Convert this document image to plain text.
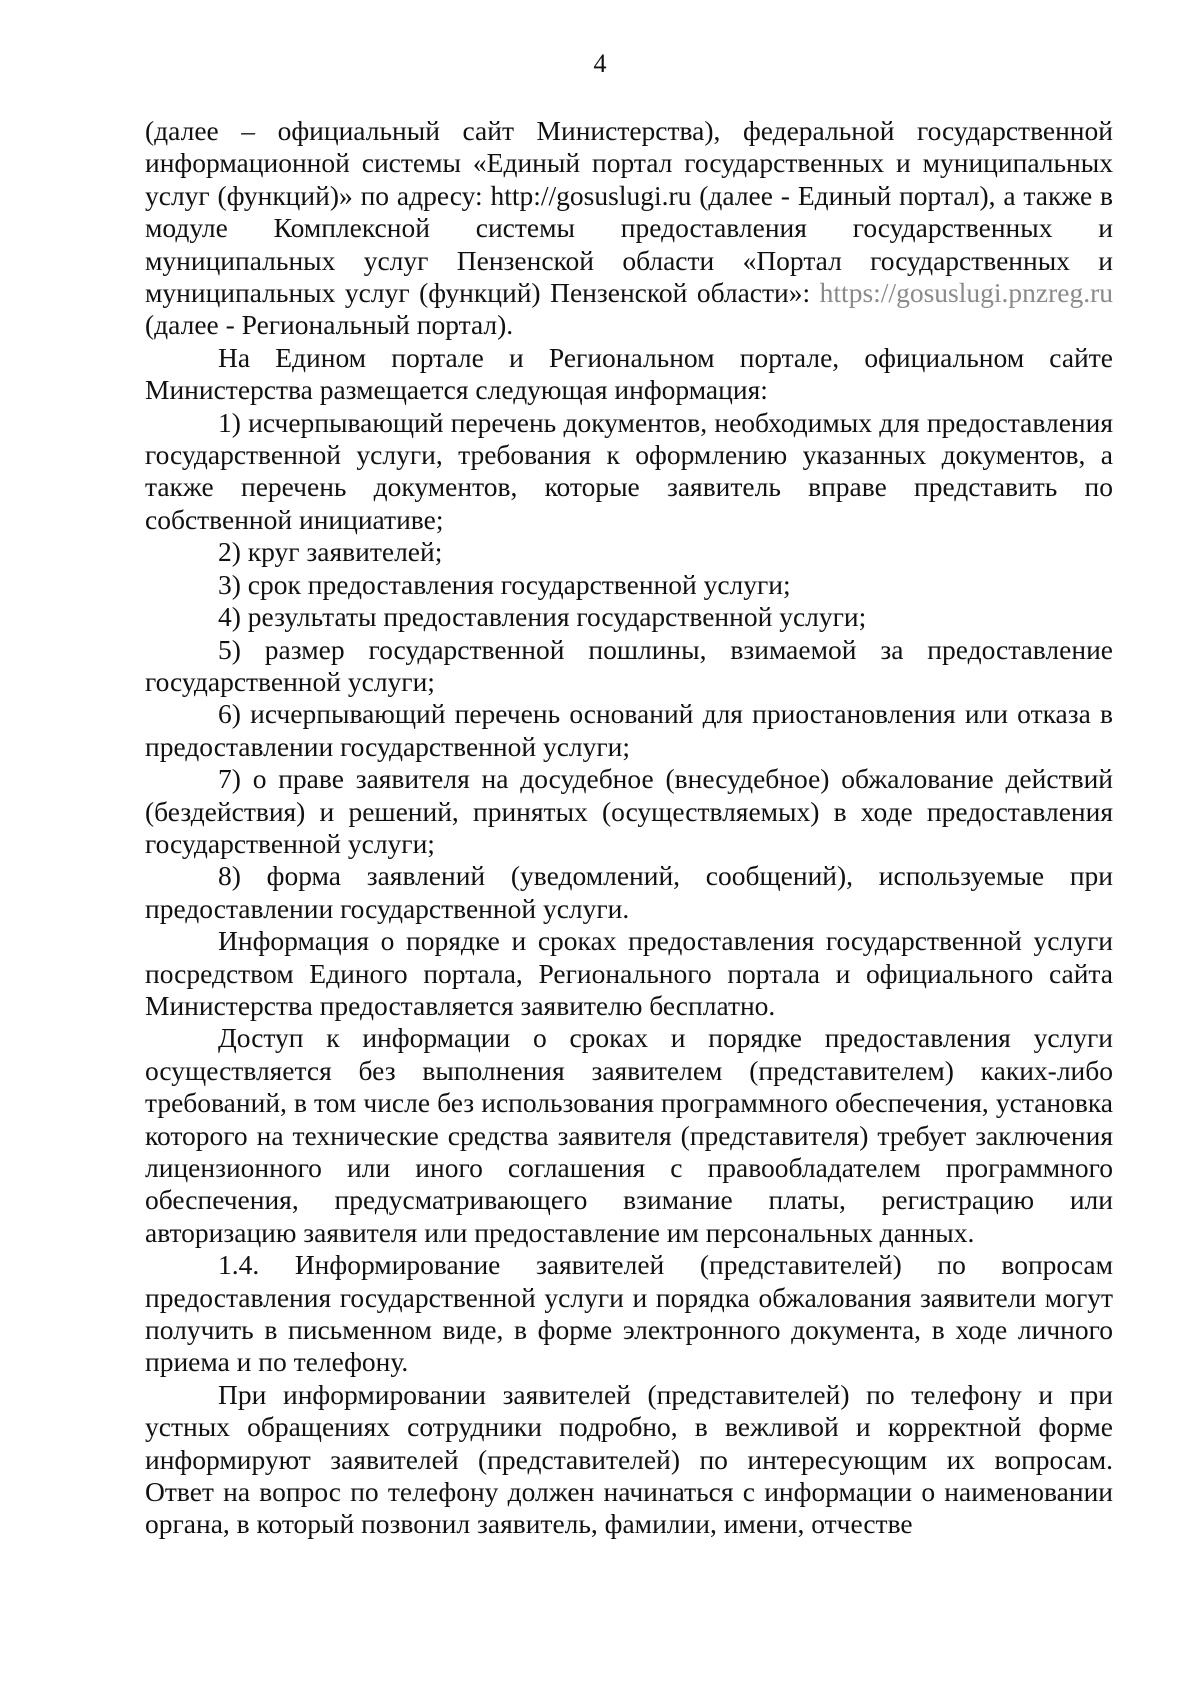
4

(далее – официальный сайт Министерства), федеральной государственной информационной системы «Единый портал государственных и муниципальных услуг (функций)» по адресу: http://gosuslugi.ru (далее - Единый портал), а также в модуле Комплексной системы предоставления государственных и муниципальных услуг Пензенской области «Портал государственных и муниципальных услуг (функций) Пензенской области»: https://gosuslugi.pnzreg.ru (далее - Региональный портал).

На Едином портале и Региональном портале, официальном сайте Министерства размещается следующая информация:

1) исчерпывающий перечень документов, необходимых для предоставления государственной услуги, требования к оформлению указанных документов, а также перечень документов, которые заявитель вправе представить по собственной инициативе;

2) круг заявителей;

3) срок предоставления государственной услуги;

4) результаты предоставления государственной услуги;

5) размер государственной пошлины, взимаемой за предоставление государственной услуги;

6) исчерпывающий перечень оснований для приостановления или отказа в предоставлении государственной услуги;

7) о праве заявителя на досудебное (внесудебное) обжалование действий (бездействия) и решений, принятых (осуществляемых) в ходе предоставления государственной услуги;

8) форма заявлений (уведомлений, сообщений), используемые при предоставлении государственной услуги.

Информация о порядке и сроках предоставления государственной услуги посредством Единого портала, Регионального портала и официального сайта Министерства предоставляется заявителю бесплатно.

Доступ к информации о сроках и порядке предоставления услуги осуществляется без выполнения заявителем (представителем) каких-либо требований, в том числе без использования программного обеспечения, установка которого на технические средства заявителя (представителя) требует заключения лицензионного или иного соглашения с правообладателем программного обеспечения, предусматривающего взимание платы, регистрацию или авторизацию заявителя или предоставление им персональных данных.

1.4. Информирование заявителей (представителей) по вопросам предоставления государственной услуги и порядка обжалования заявители могут получить в письменном виде, в форме электронного документа, в ходе личного приема и по телефону.

При информировании заявителей (представителей) по телефону и при устных обращениях сотрудники подробно, в вежливой и корректной форме информируют заявителей (представителей) по интересующим их вопросам. Ответ на вопрос по телефону должен начинаться с информации о наименовании органа, в который позвонил заявитель, фамилии, имени, отчестве
